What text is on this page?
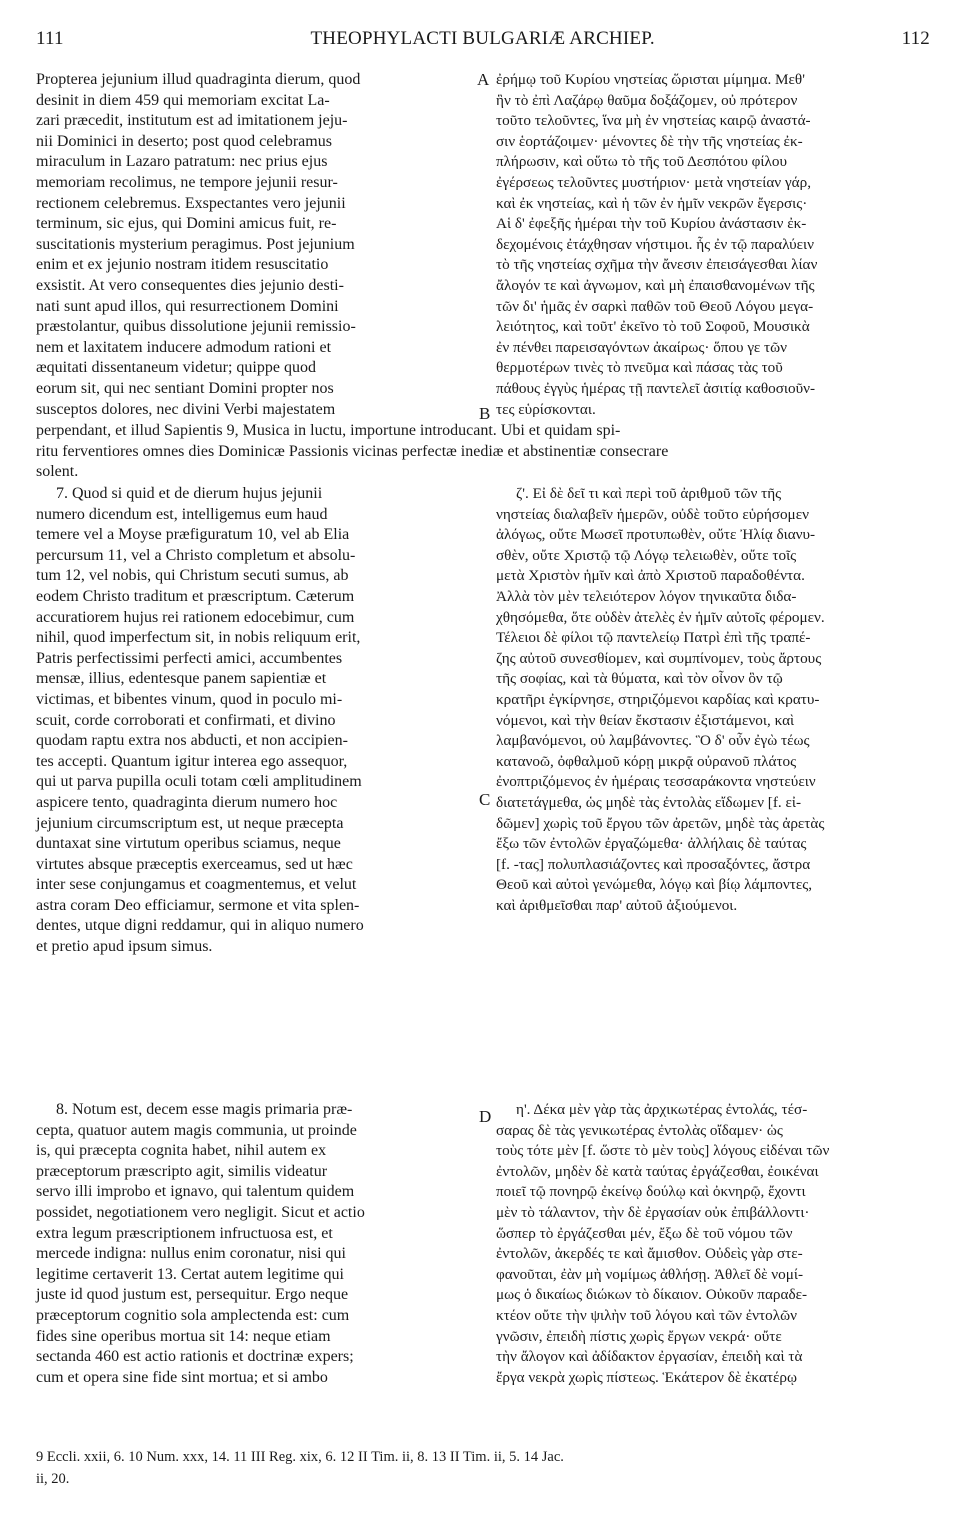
111	THEOPHYLACTI BULGARIÆ ARCHIEP.	112
A
B
C
D

Propterea jejunium illud quadraginta dierum, quod

desinit in diem 459 qui memoriam excitat La-

zari præcedit, institutum est ad imitationem jeju-

nii Dominici in deserto; post quod celebramus

miraculum in Lazaro patratum: nec prius ejus

memoriam recolimus, ne tempore jejunii resur-

rectionem celebremus. Exspectantes vero jejunii

terminum, sic ejus, qui Domini amicus fuit, re-

suscitationis mysterium peragimus. Post jejunium

enim et ex jejunio nostram itidem resuscitatio

exsistit. At vero consequentes dies jejunio desti-

nati sunt apud illos, qui resurrectionem Domini

præstolantur, quibus dissolutione jejunii remissio-

nem et laxitatem inducere admodum rationi et

æquitati dissentaneum videtur; quippe quod

eorum sit, qui nec sentiant Domini propter nos

susceptos dolores, nec divini Verbi majestatem

ἐρήμῳ τοῦ Κυρίου νηστείας ὥρισται μίμημα. Μεθ'

ἣν τὸ ἐπὶ Λαζάρῳ θαῦμα δοξάζομεν, οὐ πρότερον

τοῦτο τελοῦντες, ἵνα μὴ ἐν νηστείας καιρῷ ἀναστά-

σιν ἑορτάζοιμεν· μένοντες δὲ τὴν τῆς νηστείας ἐκ-

πλήρωσιν, καὶ οὕτω τὸ τῆς τοῦ Δεσπότου φίλου

ἐγέρσεως τελοῦντες μυστήριον· μετὰ νηστείαν γάρ,

καὶ ἐκ νηστείας, καὶ ἡ τῶν ἐν ἡμῖν νεκρῶν ἔγερσις·

Αἱ δ' ἐφεξῆς ἡμέραι τὴν τοῦ Κυρίου ἀνάστασιν ἐκ-

δεχομένοις ἐτάχθησαν νήστιμοι. ἧς ἐν τῷ παραλύειν

τὸ τῆς νηστείας σχῆμα τὴν ἄνεσιν ἐπεισάγεσθαι λίαν

ἄλογόν τε καὶ ἀγνωμον, καὶ μὴ ἐπαισθανομένων τῆς

τῶν δι' ἡμᾶς ἐν σαρκὶ παθῶν τοῦ Θεοῦ Λόγου μεγα-

λειότητος, καὶ τοῦτ' ἐκεῖνο τὸ τοῦ Σοφοῦ, Μουσικὰ

ἐν πένθει παρεισαγόντων ἀκαίρως· ὅπου γε τῶν

θερμοτέρων τινὲς τὸ πνεῦμα καὶ πάσας τὰς τοῦ

πάθους ἐγγὺς ἡμέρας τῇ παντελεῖ ἀσιτίᾳ καθοσιοῦν-

τες εὑρίσκονται.

perpendant, et illud Sapientis 9, Musica in luctu, importune introducant. Ubi et quidam spi-

ritu ferventiores omnes dies Dominicæ Passionis vicinas perfectæ inediæ et abstinentiæ consecrare

solent.

7. Quod si quid et de dierum hujus jejunii

numero dicendum est, intelligemus eum haud

temere vel a Moyse præfiguratum 10, vel ab Elia

percursum 11, vel a Christo completum et absolu-

tum 12, vel nobis, qui Christum secuti sumus, ab

eodem Christo traditum et præscriptum. Cæterum

accuratiorem hujus rei rationem edocebimur, cum

nihil, quod imperfectum sit, in nobis reliquum erit,

Patris perfectissimi perfecti amici, accumbentes

mensæ, illius, edentesque panem sapientiæ et

victimas, et bibentes vinum, quod in poculo mi-

scuit, corde corroborati et confirmati, et divino

quodam raptu extra nos abducti, et non accipien-

tes accepti. Quantum igitur interea ego assequor,

qui ut parva pupilla oculi totam cœli amplitudinem

aspicere tento, quadraginta dierum numero hoc

jejunium circumscriptum est, ut neque præcepta

duntaxat sine virtutum operibus sciamus, neque

virtutes absque præceptis exerceamus, sed ut hæc

inter sese conjungamus et coagmentemus, et velut

astra coram Deo efficiamur, sermone et vita splen-

dentes, utque digni reddamur, qui in aliquo numero

et pretio apud ipsum simus.

ζ'. Εἰ δὲ δεῖ τι καὶ περὶ τοῦ ἀριθμοῦ τῶν τῆς

νηστείας διαλαβεῖν ἡμερῶν, οὐδὲ τοῦτο εὑρήσομεν

ἀλόγως, οὔτε Μωσεῖ προτυπωθὲν, οὔτε Ἠλίᾳ διανυ-

σθὲν, οὔτε Χριστῷ τῷ Λόγῳ τελειωθὲν, οὔτε τοῖς

μετὰ Χριστὸν ἡμῖν καὶ ἀπὸ Χριστοῦ παραδοθέντα.

Ἀλλὰ τὸν μὲν τελειότερον λόγον τηνικαῦτα διδα-

χθησόμεθα, ὅτε οὐδὲν ἀτελὲς ἐν ἡμῖν αὐτοῖς φέρομεν.

Τέλειοι δὲ φίλοι τῷ παντελείῳ Πατρὶ ἐπὶ τῆς τραπέ-

ζης αὐτοῦ συνεσθίομεν, καὶ συμπίνομεν, τοὺς ἄρτους

τῆς σοφίας, καὶ τὰ θύματα, καὶ τὸν οἶνον ὃν τῷ

κρατῆρι ἐγκίρνησε, στηριζόμενοι καρδίας καὶ κρατυ-

νόμενοι, καὶ τὴν θείαν ἔκστασιν ἐξιστάμενοι, καὶ

λαμβανόμενοι, οὐ λαμβάνοντες. Ὃ δ' οὖν ἐγὼ τέως

κατανοῶ, ὀφθαλμοῦ κόρῃ μικρᾷ οὐρανοῦ πλάτος

ἐνοπτριζόμενος ἐν ἡμέραις τεσσαράκοντα νηστεύειν

διατετάγμεθα, ὡς μηδὲ τὰς ἐντολὰς εἴδωμεν [f. εἰ-

δῶμεν] χωρὶς τοῦ ἔργου τῶν ἀρετῶν, μηδὲ τὰς ἀρετὰς

ἔξω τῶν ἐντολῶν ἐργαζώμεθα· ἀλλήλαις δὲ ταύτας

[f. -τας] πολυπλασιάζοντες καὶ προσαξόντες, ἄστρα

Θεοῦ καὶ αὐτοὶ γενώμεθα, λόγῳ καὶ βίῳ λάμποντες,

καὶ ἀριθμεῖσθαι παρ' αὐτοῦ ἀξιούμενοι.

8. Notum est, decem esse magis primaria præ-

cepta, quatuor autem magis communia, ut proinde

is, qui præcepta cognita habet, nihil autem ex

præceptorum præscripto agit, similis videatur

servo illi improbo et ignavo, qui talentum quidem

possidet, negotiationem vero negligit. Sicut et actio

extra legum præscriptionem infructuosa est, et

mercede indigna: nullus enim coronatur, nisi qui

legitime certaverit 13. Certat autem legitime qui

juste id quod justum est, persequitur. Ergo neque

præceptorum cognitio sola amplectenda est: cum

fides sine operibus mortua sit 14: neque etiam

sectanda 460 est actio rationis et doctrinæ expers;

cum et opera sine fide sint mortua; et si ambo

η'. Δέκα μὲν γὰρ τὰς ἀρχικωτέρας ἐντολάς, τέσ-

σαρας δὲ τὰς γενικωτέρας ἐντολὰς οἴδαμεν· ὡς

τοὺς τότε μὲν [f. ὥστε τὸ μὲν τοὺς] λόγους εἰδέναι τῶν

ἐντολῶν, μηδὲν δὲ κατὰ ταύτας ἐργάζεσθαι, ἐοικέναι

ποιεῖ τῷ πονηρῷ ἐκείνῳ δούλῳ καὶ ὀκνηρῷ, ἔχοντι

μὲν τὸ τάλαντον, τὴν δὲ ἐργασίαν οὐκ ἐπιβάλλοντι·

ὥσπερ τὸ ἐργάζεσθαι μέν, ἔξω δὲ τοῦ νόμου τῶν

ἐντολῶν, ἀκερδές τε καὶ ἄμισθον. Οὐδεὶς γὰρ στε-

φανοῦται, ἐὰν μὴ νομίμως ἀθλήσῃ. Ἀθλεῖ δὲ νομί-

μως ὁ δικαίως διώκων τὸ δίκαιον. Οὐκοῦν παραδε-

κτέον οὔτε τὴν ψιλὴν τοῦ λόγου καὶ τῶν ἐντολῶν

γνῶσιν, ἐπειδὴ πίστις χωρὶς ἔργων νεκρά· οὔτε

τὴν ἄλογον καὶ ἀδίδακτον ἐργασίαν, ἐπειδὴ καὶ τὰ

ἔργα νεκρὰ χωρὶς πίστεως. Ἑκάτερον δὲ ἑκατέρῳ

9 Eccli. xxii, 6. 10 Num. xxx, 14. 11 III Reg. xix, 6. 12 II Tim. ii, 8. 13 II Tim. ii, 5. 14 Jac.

ii, 20.
